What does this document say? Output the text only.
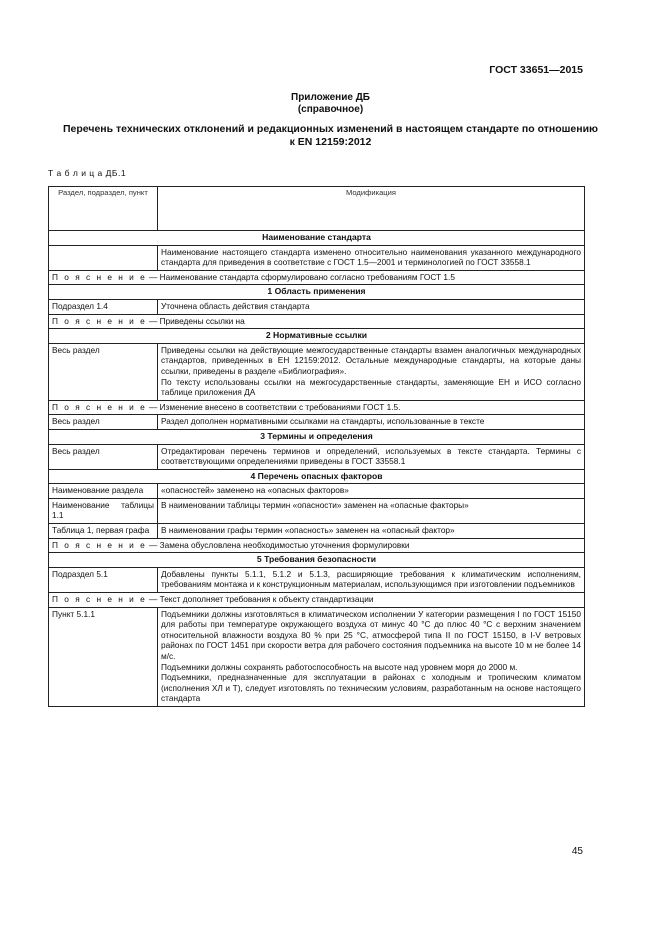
ГОСТ 33651—2015
Приложение ДБ
(справочное)
Перечень технических отклонений и редакционных изменений в настоящем стандарте по отношению к EN 12159:2012
Т а б л и ц а ДБ.1
Раздел, подраздел, пункт	Модификация
Наименование стандарта	
	Наименование настоящего стандарта изменено относительно наименования указанного международного стандарта для приведения в соответствие с ГОСТ 1.5—2001 и терминологией по ГОСТ 33558.1
П о я с н е н и е — Наименование стандарта сформулировано согласно требованиям ГОСТ 1.5	
1 Область применения	
Подраздел 1.4	Уточнена область действия стандарта
П о я с н е н и е — Приведены ссылки на	
2 Нормативные ссылки	
Весь раздел	Приведены ссылки на действующие межгосударственные стандарты взамен аналогичных международных стандартов, приведенных в ЕН 12159:2012. Остальные международные стандарты, на которые даны ссылки, приведены в разделе «Библиография».
По тексту использованы ссылки на межгосударственные стандарты, заменяющие ЕН и ИСО согласно таблице приложения ДА

П о я с н е н и е — Изменение внесено в соответствии с требованиями ГОСТ 1.5.	
Весь раздел	Раздел дополнен нормативными ссылками на стандарты, использованные в тексте
3 Термины и определения	
Весь раздел	Отредактирован перечень терминов и определений, используемых в тексте стандарта. Термины с соответствующими определениями приведены в ГОСТ 33558.1
4 Перечень опасных факторов	
Наименование раздела	«опасностей» заменено на «опасных факторов»
Наименование таблицы 1.1	В наименовании таблицы термин «опасности» заменен на «опасные факторы»
Таблица 1, первая графа	В наименовании графы термин «опасность» заменен на «опасный фактор»
П о я с н е н и е — Замена обусловлена необходимостью уточнения формулировки	
5 Требования безопасности	
Подраздел 5.1	Добавлены пункты 5.1.1, 5.1.2 и 5.1.3, расширяющие требования к климатическим исполнениям, требованиям монтажа и к конструкционным материалам, использующимся при изготовлении подъемников
П о я с н е н и е — Текст дополняет требования к объекту стандартизации	
Пункт 5.1.1	Подъемники должны изготовляться в климатическом исполнении У категории размещения I по ГОСТ 15150 для работы при температуре окружающего воздуха от минус 40 °С до плюс 40 °С с верхним значением относительной влажности воздуха 80 % при 25 °С, атмосферой типа II по ГОСТ 15150, в I-V ветровых районах по ГОСТ 1451 при скорости ветра для рабочего состояния подъемника на высоте 10 м не более 14 м/с.
Подъемники должны сохранять работоспособность на высоте над уровнем моря до 2000 м.
Подъемники, предназначенные для эксплуатации в районах с холодным и тропическим климатом (исполнения ХЛ и Т), следует изготовлять по техническим условиям, разработанным на основе настоящего стандарта
45
